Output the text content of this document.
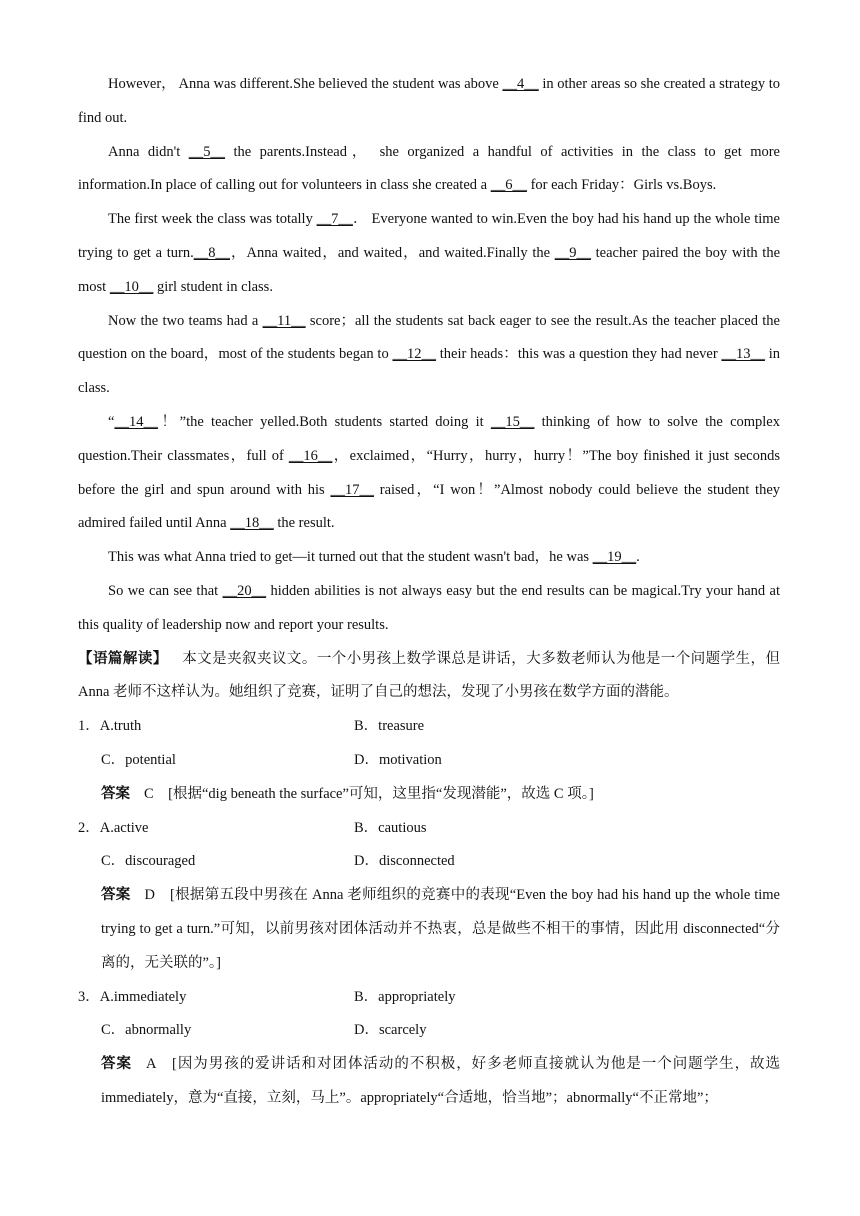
However， Anna was different.She believed the student was above __4__ in other areas so she created a strategy to find out.

Anna didn't __5__ the parents.Instead， she organized a handful of activities in the class to get more information.In place of calling out for volunteers in class she created a __6__ for each Friday：Girls vs.Boys.

The first week the class was totally __7__． Everyone wanted to win.Even the boy had his hand up the whole time trying to get a turn.__8__，Anna waited，and waited，and waited.Finally the __9__ teacher paired the boy with the most __10__ girl student in class.

Now the two teams had a __11__ score；all the students sat back eager to see the result.As the teacher placed the question on the board，most of the students began to __12__ their heads：this was a question they had never __13__ in class.

“__14__！”the teacher yelled.Both students started doing it __15__ thinking of how to solve the complex question.Their classmates，full of __16__，exclaimed，“Hurry，hurry，hurry！”The boy finished it just seconds before the girl and spun around with his __17__ raised，“I won！”Almost nobody could believe the student they admired failed until Anna __18__ the result.

This was what Anna tried to get—it turned out that the student wasn't bad，he was __19__.

So we can see that __20__ hidden abilities is not always easy but the end results can be magical.Try your hand at this quality of leadership now and report your results.

【语篇解读】 本文是夹叙夹议文。一个小男孩上数学课总是讲话，大多数老师认为他是一个问题学生，但 Anna 老师不这样认为。她组织了竞赛，证明了自己的想法，发现了小男孩在数学方面的潜能。

1．A.truth	B．treasure
C．potential	D．motivation

答案 C　[根据“dig beneath the surface”可知，这里指“发现潜能”，故选 C 项。]

2．A.active	B．cautious
C．discouraged	D．disconnected

答案 D　[根据第五段中男孩在 Anna 老师组织的竞赛中的表现“Even the boy had his hand up the whole time trying to get a turn.”可知，以前男孩对团体活动并不热衷，总是做些不相干的事情，因此用 disconnected“分离的，无关联的”。]

3．A.immediately	B．appropriately
C．abnormally	D．scarcely

答案 A　[因为男孩的爱讲话和对团体活动的不积极，好多老师直接就认为他是一个问题学生，故选 immediately，意为“直接，立刻，马上”。appropriately“合适地，恰当地”；abnormally“不正常地”；
